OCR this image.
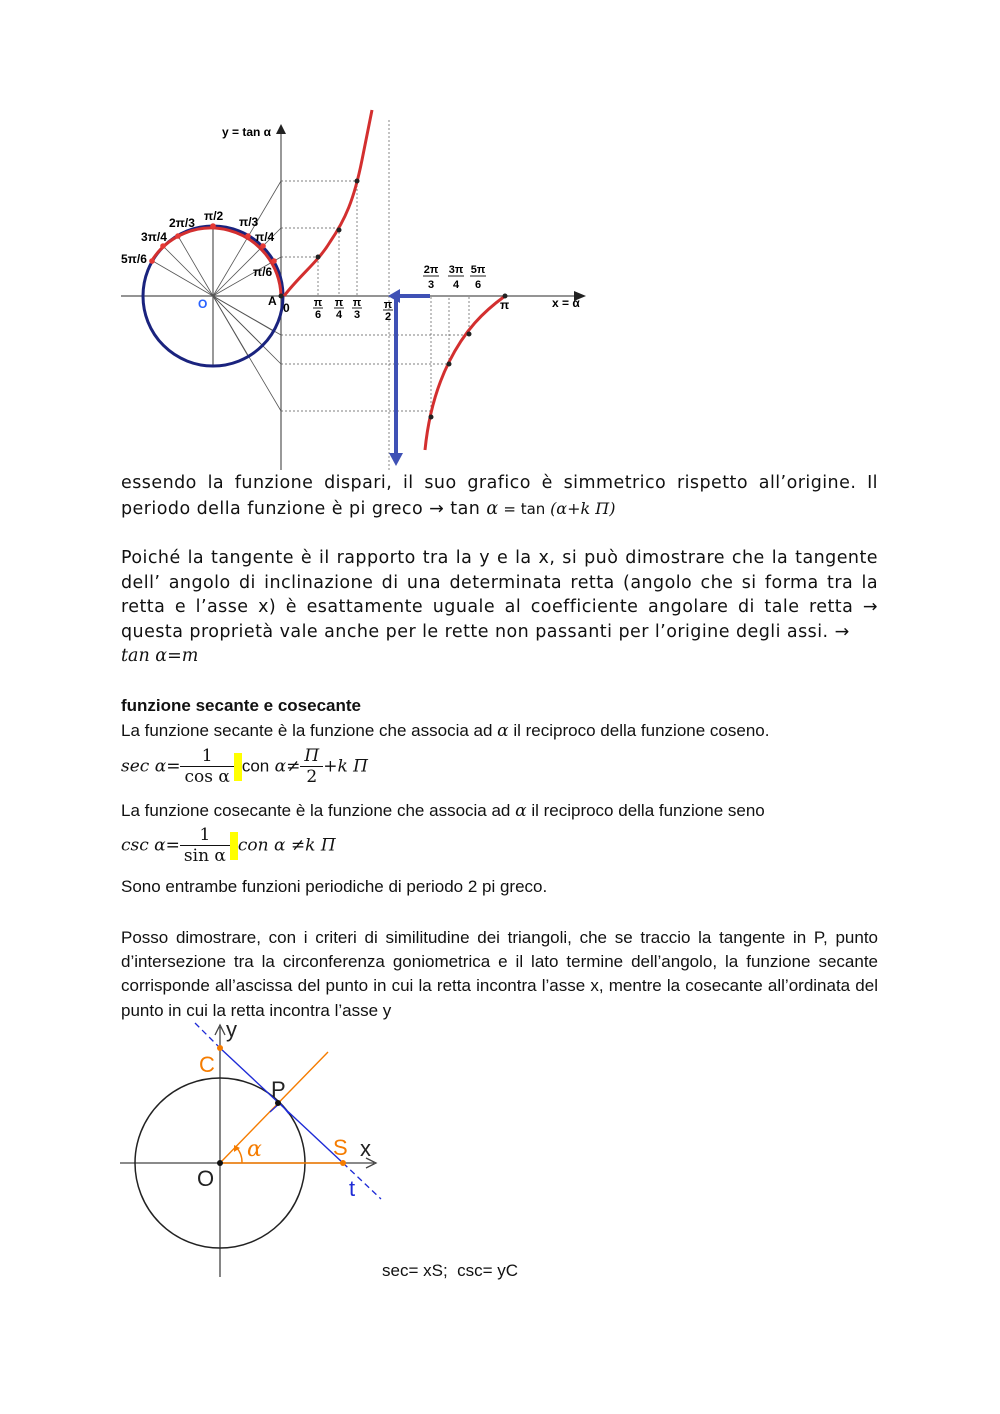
y = tan α
x = α
O	A 0	π
π/2 π/3
2π/3
3π/4	π/4
5π/6
π/6
π
6
π
4
π
3
π
2
2π
3
3π
4
5π
6
essendo la funzione dispari, il suo grafico è simmetrico rispetto all’origine. Il periodo della funzione è pi greco → tan α = tan (α+k Π)
Poiché la tangente è il rapporto tra la y e la x, si può dimostrare che la tangente dell’ angolo di inclinazione di una determinata retta (angolo che si forma tra la retta e l’asse x) è esattamente uguale al coefficiente angolare di tale retta → questa proprietà vale anche per le rette non passanti per l’origine degli assi. →
tan α=m
funzione secante e cosecante
La funzione secante è la funzione che associa ad α il reciproco della funzione coseno.
$\sec \alpha= \frac{1}{\text{cos α}}$ con $\alpha\ne \frac{\Pi}{2} +k$ Π
La funzione cosecante è la funzione che associa ad α il reciproco della funzione seno
$\csc \alpha= \frac{1}{\text{sin α}}$ con α ≠k Π
Sono entrambe funzioni periodiche di periodo 2 pi greco.
Posso dimostrare, con i criteri di similitudine dei triangoli, che se traccio la tangente in P, punto d’intersezione tra la circonferenza goniometrica e il lato termine dell’angolo, la funzione secante corrisponde all’ascissa del punto in cui la retta incontra l’asse x, mentre la cosecante all’ordinata del punto in cui la retta incontra l’asse y
y
x
C
P
S
O	t
α
sec= xS;  csc= yC
